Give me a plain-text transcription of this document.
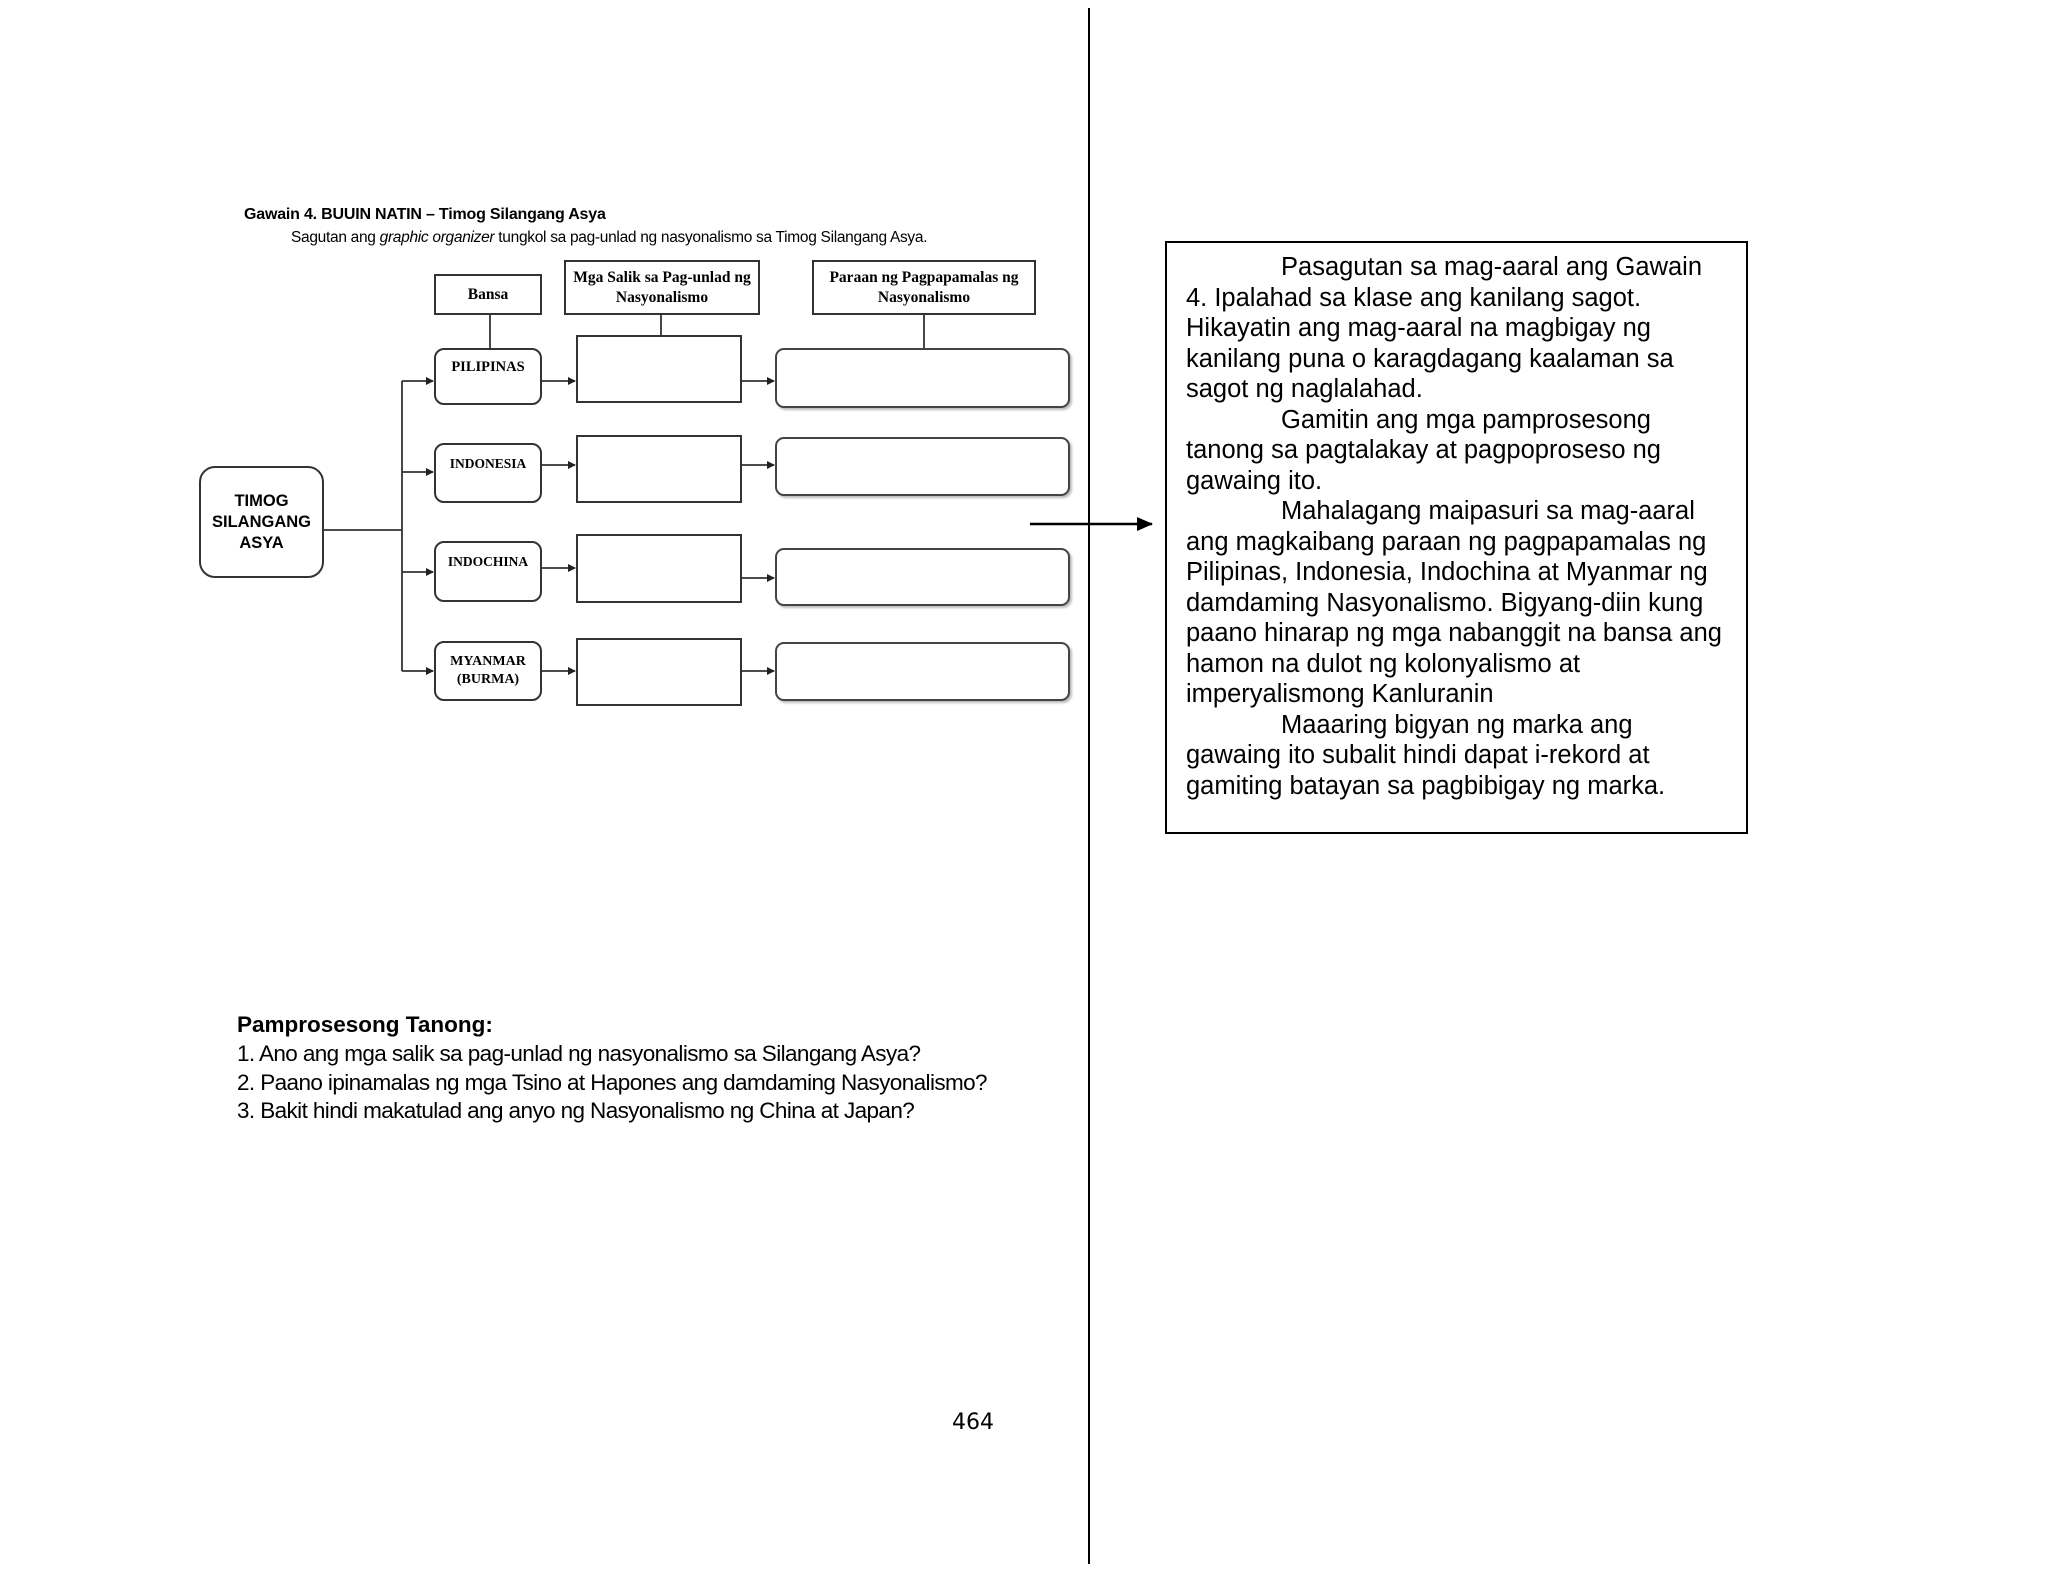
Gawain 4. BUUIN NATIN – Timog Silangang Asya
Sagutan ang graphic organizer tungkol sa pag-unlad ng nasyonalismo sa Timog Silangang Asya.
Bansa
Mga Salik sa Pag-unlad ng Nasyonalismo
Paraan ng Pagpapamalas ng Nasyonalismo
TIMOG SILANGANG ASYA
PILIPINAS
INDONESIA
INDOCHINA
MYANMAR (BURMA)

Pasagutan sa mag-aaral ang Gawain 4. Ipalahad sa klase ang kanilang sagot. Hikayatin ang mag-aaral na magbigay ng kanilang puna o karagdagang kaalaman sa sagot ng naglalahad.

Gamitin ang mga pamprosesong tanong sa pagtalakay at pagpoproseso ng gawaing ito.

Mahalagang maipasuri sa mag-aaral ang magkaibang paraan ng pagpapamalas ng Pilipinas, Indonesia, Indochina at Myanmar ng damdaming Nasyonalismo. Bigyang-diin kung paano hinarap ng mga nabanggit na bansa ang hamon na dulot ng kolonyalismo at imperyalismong Kanluranin

Maaaring bigyan ng marka ang gawaing ito subalit hindi dapat i-rekord at gamiting batayan sa pagbibigay ng marka.

Pamprosesong Tanong:
1. Ano ang mga salik sa pag-unlad ng nasyonalismo sa Silangang Asya?
2. Paano ipinamalas ng mga Tsino at Hapones ang damdaming Nasyonalismo?
3. Bakit hindi makatulad ang anyo ng Nasyonalismo ng China at Japan?
464
